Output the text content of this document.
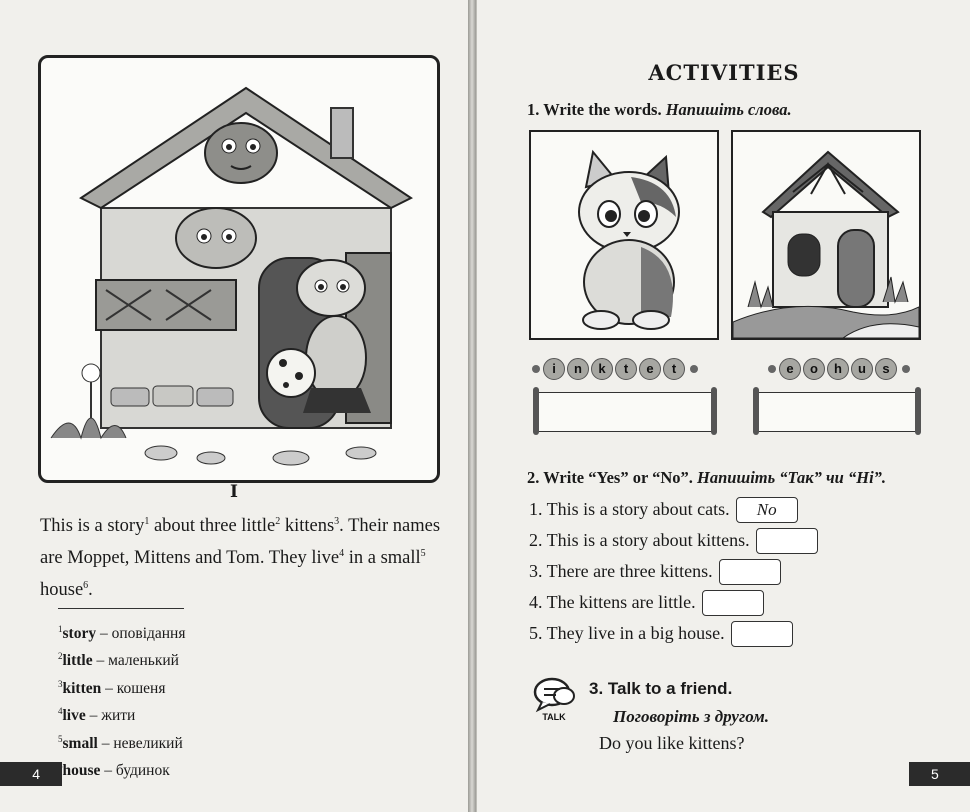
I
This is a story$^1$ about three little$^2$ kittens$^3$. Their names are Moppet, Mittens and Tom. They live$^4$ in a small$^5$ house$^6$.
$^1$story – оповідання
$^2$little – маленький
$^3$kitten – кошеня
$^4$live – жити
$^5$small – невеликий
house – будинок
4
ACTIVITIES
1. Write the words. Напишіть слова.
i	n	k	t	e	t	e	o	h	u	s
2. Write “Yes” or “No”. Напишіть “Так” чи “Ні”.
1. This is a story about cats.	No
2. This is a story about kittens.
3. There are three kittens.
4. The kittens are little.
5. They live in a big house.
3. Talk to a friend.
Поговоріть з другом.
Do you like kittens?
5
TALK
